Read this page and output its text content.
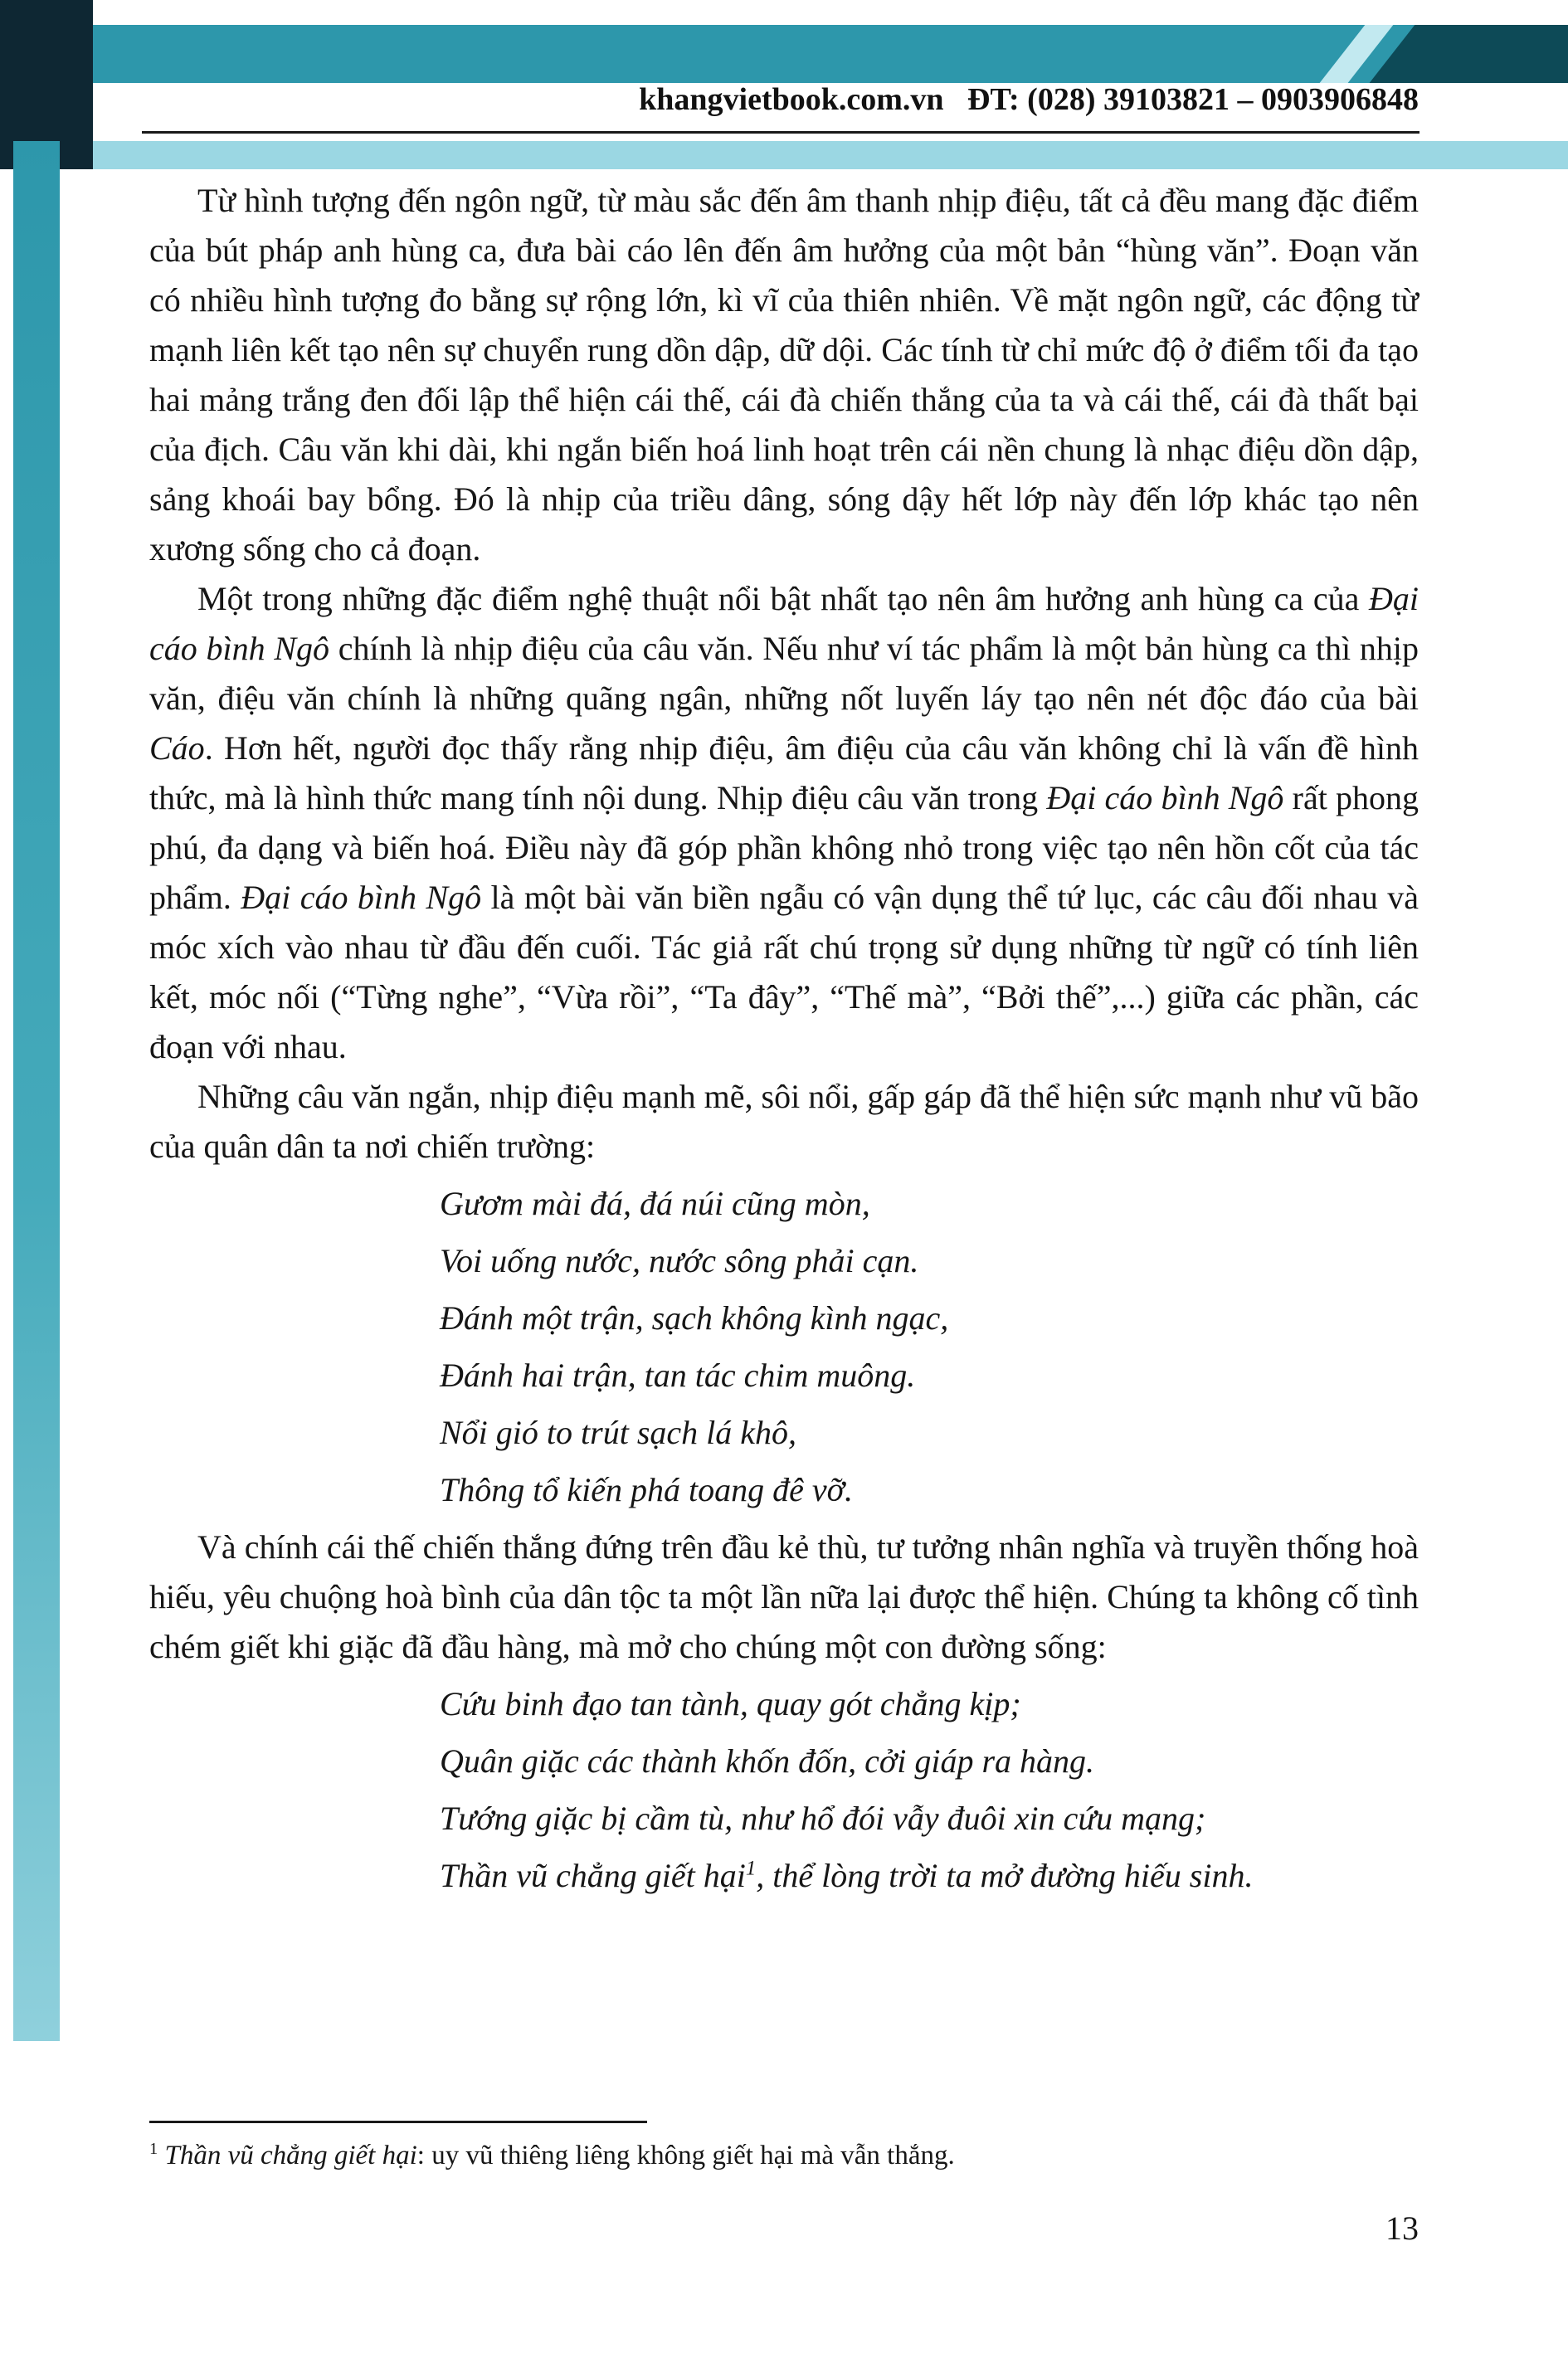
khangvietbook.com.vn   ĐT: (028) 39103821 – 0903906848

Từ hình tượng đến ngôn ngữ, từ màu sắc đến âm thanh nhịp điệu, tất cả đều mang đặc điểm của bút pháp anh hùng ca, đưa bài cáo lên đến âm hưởng của một bản “hùng văn”. Đoạn văn có nhiều hình tượng đo bằng sự rộng lớn, kì vĩ của thiên nhiên. Về mặt ngôn ngữ, các động từ mạnh liên kết tạo nên sự chuyển rung dồn dập, dữ dội. Các tính từ chỉ mức độ ở điểm tối đa tạo hai mảng trắng đen đối lập thể hiện cái thế, cái đà chiến thắng của ta và cái thế, cái đà thất bại của địch. Câu văn khi dài, khi ngắn biến hoá linh hoạt trên cái nền chung là nhạc điệu dồn dập, sảng khoái bay bổng. Đó là nhịp của triều dâng, sóng dậy hết lớp này đến lớp khác tạo nên xương sống cho cả đoạn.

Một trong những đặc điểm nghệ thuật nổi bật nhất tạo nên âm hưởng anh hùng ca của Đại cáo bình Ngô chính là nhịp điệu của câu văn. Nếu như ví tác phẩm là một bản hùng ca thì nhịp văn, điệu văn chính là những quãng ngân, những nốt luyến láy tạo nên nét độc đáo của bài Cáo. Hơn hết, người đọc thấy rằng nhịp điệu, âm điệu của câu văn không chỉ là vấn đề hình thức, mà là hình thức mang tính nội dung. Nhịp điệu câu văn trong Đại cáo bình Ngô rất phong phú, đa dạng và biến hoá. Điều này đã góp phần không nhỏ trong việc tạo nên hồn cốt của tác phẩm. Đại cáo bình Ngô là một bài văn biền ngẫu có vận dụng thể tứ lục, các câu đối nhau và móc xích vào nhau từ đầu đến cuối. Tác giả rất chú trọng sử dụng những từ ngữ có tính liên kết, móc nối (“Từng nghe”, “Vừa rồi”, “Ta đây”, “Thế mà”, “Bởi thế”,...) giữa các phần, các đoạn với nhau.

Những câu văn ngắn, nhịp điệu mạnh mẽ, sôi nổi, gấp gáp đã thể hiện sức mạnh như vũ bão của quân dân ta nơi chiến trường:

Gươm mài đá, đá núi cũng mòn,

Voi uống nước, nước sông phải cạn.

Đánh một trận, sạch không kình ngạc,

Đánh hai trận, tan tác chim muông.

Nổi gió to trút sạch lá khô,

Thông tổ kiến phá toang đê vỡ.

Và chính cái thế chiến thắng đứng trên đầu kẻ thù, tư tưởng nhân nghĩa và truyền thống hoà hiếu, yêu chuộng hoà bình của dân tộc ta một lần nữa lại được thể hiện. Chúng ta không cố tình chém giết khi giặc đã đầu hàng, mà mở cho chúng một con đường sống:

Cứu binh đạo tan tành, quay gót chẳng kịp;

Quân giặc các thành khốn đốn, cởi giáp ra hàng.

Tướng giặc bị cầm tù, như hổ đói vẫy đuôi xin cứu mạng;

Thần vũ chẳng giết hại$^1$, thể lòng trời ta mở đường hiếu sinh.

$^1$ Thần vũ chẳng giết hại: uy vũ thiêng liêng không giết hại mà vẫn thắng.

13
